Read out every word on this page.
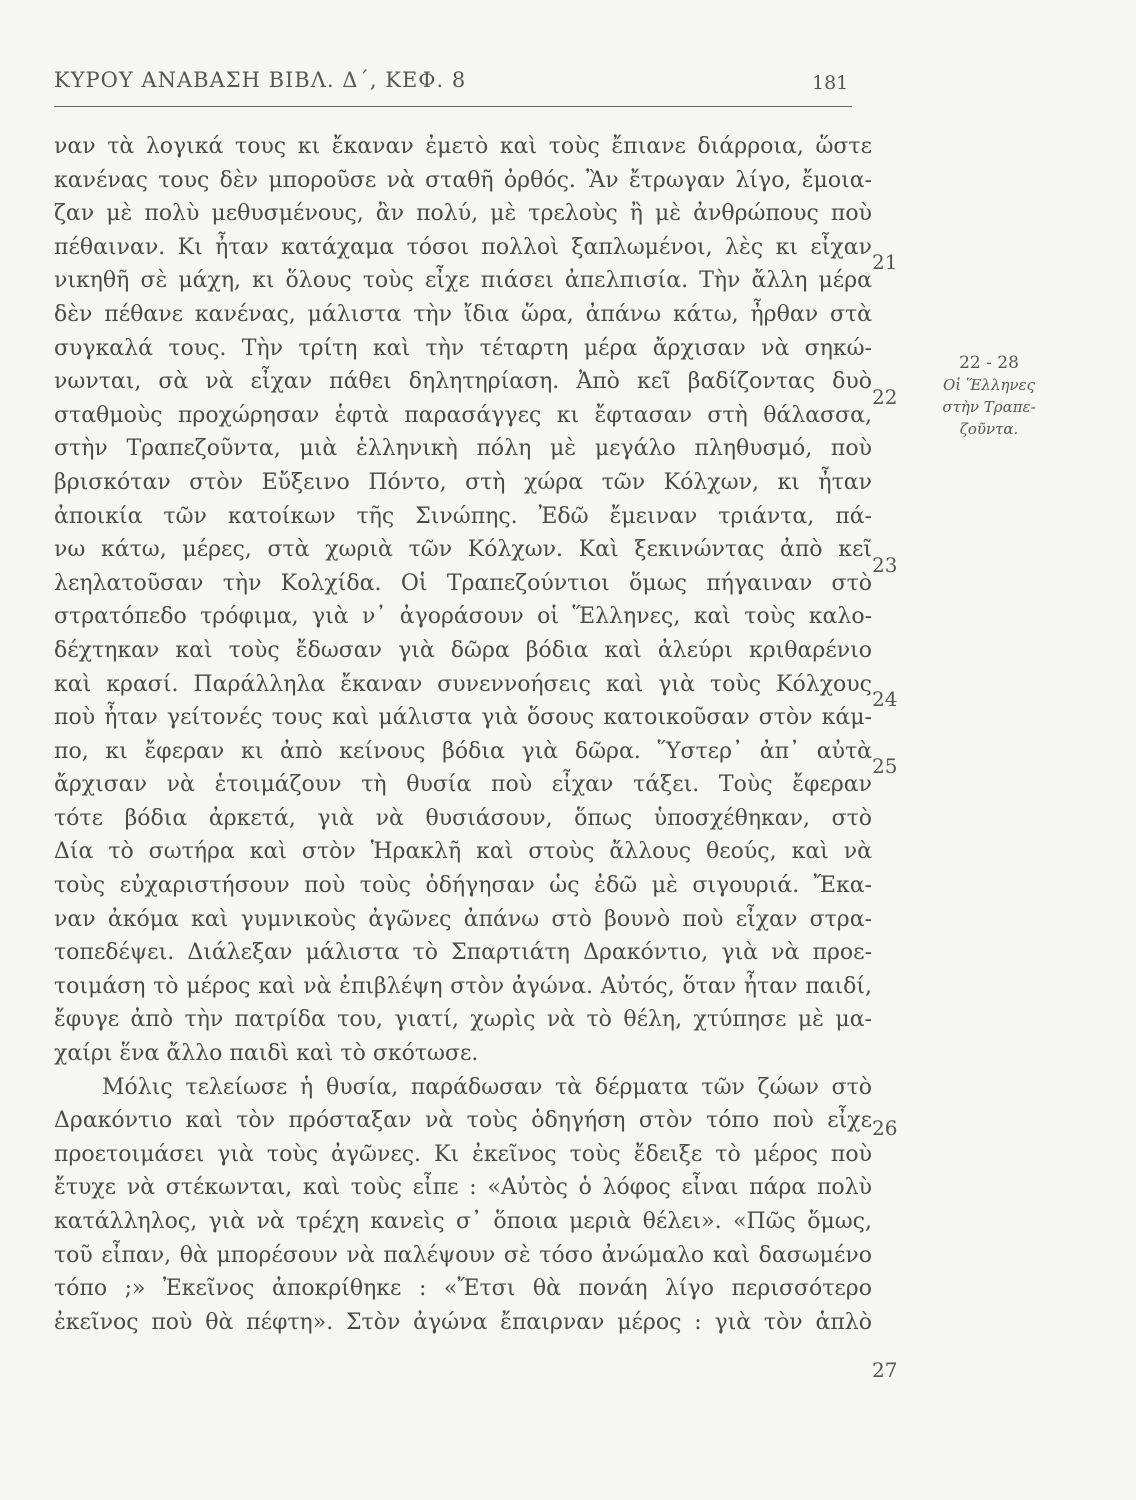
ΚΥΡΟΥ ΑΝΑΒΑΣΗ ΒΙΒΛ. Δ΄, ΚΕΦ. 8	181
ναν τὰ λογικά τους κι ἔκαναν ἐμετὸ καὶ τοὺς ἔπιανε διάρροια, ὥστε
κανένας τους δὲν μποροῦσε νὰ σταθῆ ὀρθός. Ἂν ἔτρωγαν λίγο, ἔμοια-
ζαν μὲ πολὺ μεθυσμένους, ἂν πολύ, μὲ τρελοὺς ἢ μὲ ἀνθρώπους ποὺ
πέθαιναν. Κι ἦταν κατάχαμα τόσοι πολλοὶ ξαπλωμένοι, λὲς κι εἶχαν
νικηθῆ σὲ μάχη, κι ὅλους τοὺς εἶχε πιάσει ἀπελπισία. Τὴν ἄλλη μέρα
δὲν πέθανε κανένας, μάλιστα τὴν ἴδια ὥρα, ἀπάνω κάτω, ἦρθαν στὰ
συγκαλά τους. Τὴν τρίτη καὶ τὴν τέταρτη μέρα ἄρχισαν νὰ σηκώ-
νωνται, σὰ νὰ εἶχαν πάθει δηλητηρίαση. Ἀπὸ κεῖ βαδίζοντας δυὸ
σταθμοὺς προχώρησαν ἑφτὰ παρασάγγες κι ἔφτασαν στὴ θάλασσα,
στὴν Τραπεζοῦντα, μιὰ ἑλληνικὴ πόλη μὲ μεγάλο πληθυσμό, ποὺ
βρισκόταν στὸν Εὔξεινο Πόντο, στὴ χώρα τῶν Κόλχων, κι ἦταν
ἀποικία τῶν κατοίκων τῆς Σινώπης. Ἐδῶ ἔμειναν τριάντα, πά-
νω κάτω, μέρες, στὰ χωριὰ τῶν Κόλχων. Καὶ ξεκινώντας ἀπὸ κεῖ
λεηλατοῦσαν τὴν Κολχίδα. Οἱ Τραπεζούντιοι ὅμως πήγαιναν στὸ
στρατόπεδο τρόφιμα, γιὰ ν᾽ ἀγοράσουν οἱ Ἕλληνες, καὶ τοὺς καλο-
δέχτηκαν καὶ τοὺς ἔδωσαν γιὰ δῶρα βόδια καὶ ἀλεύρι κριθαρένιο
καὶ κρασί. Παράλληλα ἔκαναν συνεννοήσεις καὶ γιὰ τοὺς Κόλχους
ποὺ ἦταν γείτονές τους καὶ μάλιστα γιὰ ὅσους κατοικοῦσαν στὸν κάμ-
πο, κι ἔφεραν κι ἀπὸ κείνους βόδια γιὰ δῶρα. Ὕστερ᾽ ἀπ᾽ αὐτὰ
ἄρχισαν νὰ ἑτοιμάζουν τὴ θυσία ποὺ εἶχαν τάξει. Τοὺς ἔφεραν
τότε βόδια ἀρκετά, γιὰ νὰ θυσιάσουν, ὅπως ὑποσχέθηκαν, στὸ
Δία τὸ σωτήρα καὶ στὸν Ἡρακλῆ καὶ στοὺς ἄλλους θεούς, καὶ νὰ
τοὺς εὐχαριστήσουν ποὺ τοὺς ὁδήγησαν ὡς ἐδῶ μὲ σιγουριά. Ἔκα-
ναν ἀκόμα καὶ γυμνικοὺς ἀγῶνες ἀπάνω στὸ βουνὸ ποὺ εἶχαν στρα-
τοπεδέψει. Διάλεξαν μάλιστα τὸ Σπαρτιάτη Δρακόντιο, γιὰ νὰ προε-
τοιμάση τὸ μέρος καὶ νὰ ἐπιβλέψη στὸν ἀγώνα. Αὐτός, ὅταν ἦταν παιδί,
ἔφυγε ἀπὸ τὴν πατρίδα του, γιατί, χωρὶς νὰ τὸ θέλη, χτύπησε μὲ μα-
χαίρι ἕνα ἄλλο παιδὶ καὶ τὸ σκότωσε.
Μόλις τελείωσε ἡ θυσία, παράδωσαν τὰ δέρματα τῶν ζώων στὸ
Δρακόντιο καὶ τὸν πρόσταξαν νὰ τοὺς ὁδηγήση στὸν τόπο ποὺ εἶχε
προετοιμάσει γιὰ τοὺς ἀγῶνες. Κι ἐκεῖνος τοὺς ἔδειξε τὸ μέρος ποὺ
ἔτυχε νὰ στέκωνται, καὶ τοὺς εἶπε : «Αὐτὸς ὁ λόφος εἶναι πάρα πολὺ
κατάλληλος, γιὰ νὰ τρέχη κανεὶς σ᾽ ὅποια μεριὰ θέλει». «Πῶς ὅμως,
τοῦ εἶπαν, θὰ μπορέσουν νὰ παλέψουν σὲ τόσο ἀνώμαλο καὶ δασωμένο
τόπο ;» Ἐκεῖνος ἀποκρίθηκε : «Ἔτσι θὰ πονάη λίγο περισσότερο
ἐκεῖνος ποὺ θὰ πέφτη». Στὸν ἀγώνα ἔπαιρναν μέρος : γιὰ τὸν ἁπλὸ
21
22
23
24
25
26
27
22 - 28
Οἱ Ἕλληνες
στὴν Τραπε-
ζοῦντα.
